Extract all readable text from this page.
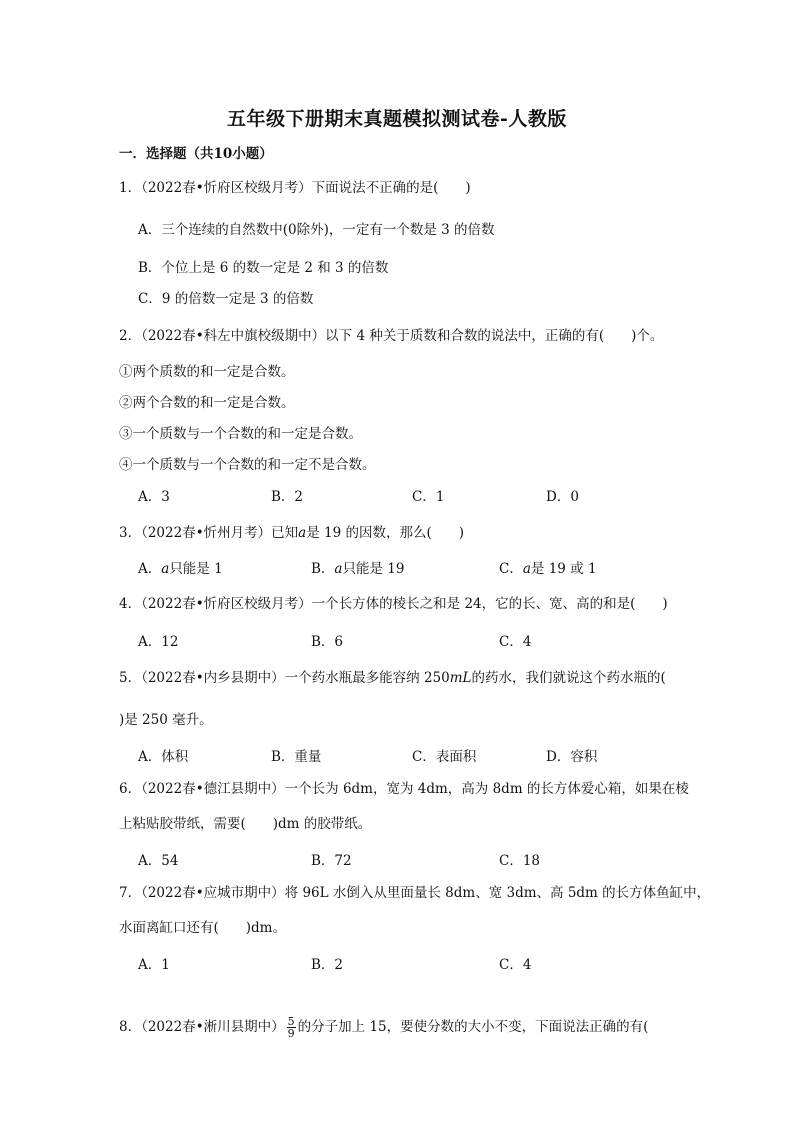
五年级下册期末真题模拟测试卷-人教版
一．选择题（共10小题）
1．（2022春•忻府区校级月考）下面说法不正确的是(　　)
A．三个连续的自然数中(0除外)，一定有一个数是 3 的倍数
B．个位上是 6 的数一定是 2 和 3 的倍数
C．9 的倍数一定是 3 的倍数
2．（2022春•科左中旗校级期中）以下 4 种关于质数和合数的说法中，正确的有(　　)个。
①两个质数的和一定是合数。
②两个合数的和一定是合数。
③一个质数与一个合数的和一定是合数。
④一个质数与一个合数的和一定不是合数。
A．3	B．2	C．1	D．0
3．（2022春•忻州月考）已知a是 19 的因数，那么(　　)
A．a只能是 1	B．a只能是 19	C．a是 19 或 1
4．（2022春•忻府区校级月考）一个长方体的棱长之和是 24，它的长、宽、高的和是(　　)
A．12	B．6	C．4
5．（2022春•内乡县期中）一个药水瓶最多能容纳 250mL的药水，我们就说这个药水瓶的(
)是 250 毫升。
A．体积	B．重量	C．表面积	D．容积
6．（2022春•德江县期中）一个长为 6dm，宽为 4dm，高为 8dm 的长方体爱心箱，如果在棱
上粘贴胶带纸，需要(　　)dm 的胶带纸。
A．54	B．72	C．18
7．（2022春•应城市期中）将 96L 水倒入从里面量长 8dm、宽 3dm、高 5dm 的长方体鱼缸中，
水面离缸口还有(　　)dm。
A．1	B．2	C．4
8．（2022春•淅川县期中） $\frac{5}{9}$ 的分子加上 15，要使分数的大小不变，下面说法正确的有(
